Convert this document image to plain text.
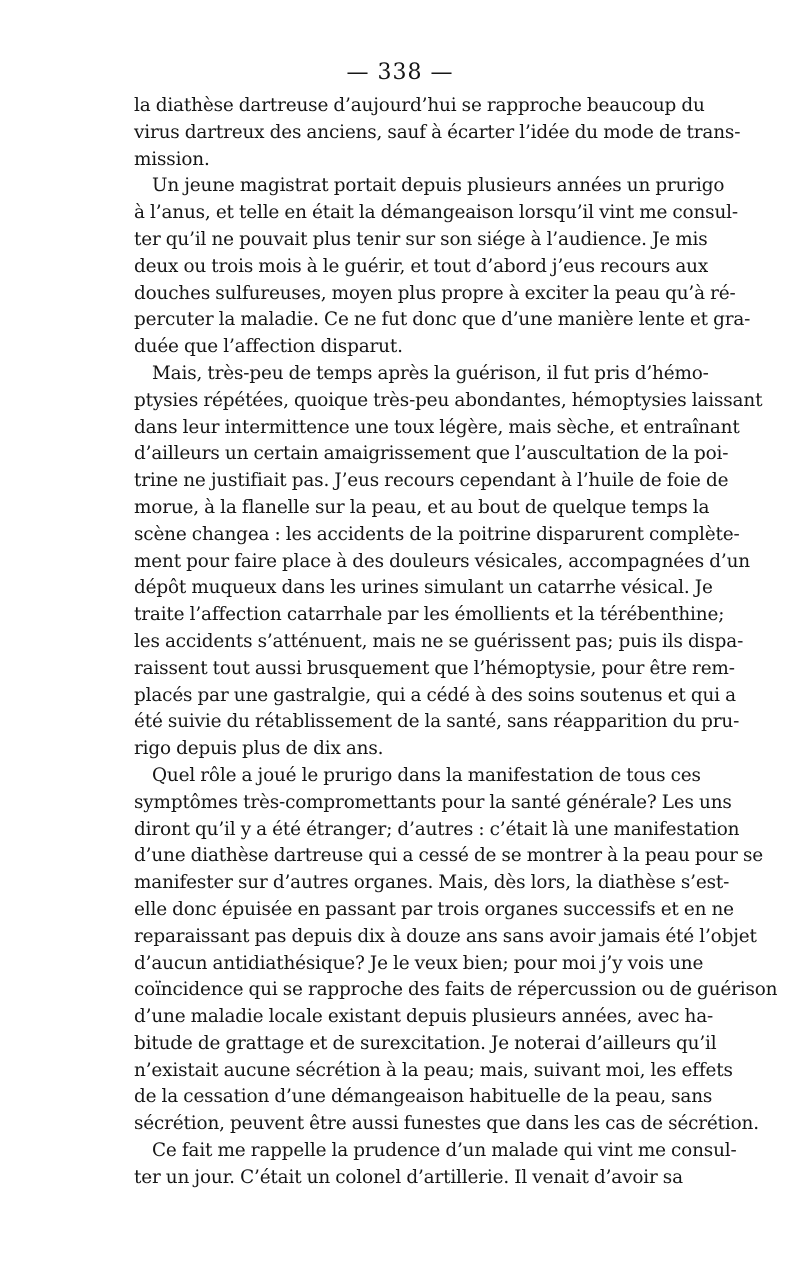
— 338 —
la diathèse dartreuse d’aujourd’hui se rapproche beaucoup du
virus dartreux des anciens, sauf à écarter l’idée du mode de trans-
mission.
Un jeune magistrat portait depuis plusieurs années un prurigo
à l’anus, et telle en était la démangeaison lorsqu’il vint me consul-
ter qu’il ne pouvait plus tenir sur son siége à l’audience. Je mis
deux ou trois mois à le guérir, et tout d’abord j’eus recours aux
douches sulfureuses, moyen plus propre à exciter la peau qu’à ré-
percuter la maladie. Ce ne fut donc que d’une manière lente et gra-
duée que l’affection disparut.
Mais, très-peu de temps après la guérison, il fut pris d’hémo-
ptysies répétées, quoique très-peu abondantes, hémoptysies laissant
dans leur intermittence une toux légère, mais sèche, et entraînant
d’ailleurs un certain amaigrissement que l’auscultation de la poi-
trine ne justifiait pas. J’eus recours cependant à l’huile de foie de
morue, à la flanelle sur la peau, et au bout de quelque temps la
scène changea : les accidents de la poitrine disparurent complète-
ment pour faire place à des douleurs vésicales, accompagnées d’un
dépôt muqueux dans les urines simulant un catarrhe vésical. Je
traite l’affection catarrhale par les émollients et la térébenthine;
les accidents s’atténuent, mais ne se guérissent pas; puis ils dispa-
raissent tout aussi brusquement que l’hémoptysie, pour être rem-
placés par une gastralgie, qui a cédé à des soins soutenus et qui a
été suivie du rétablissement de la santé, sans réapparition du pru-
rigo depuis plus de dix ans.
Quel rôle a joué le prurigo dans la manifestation de tous ces
symptômes très-compromettants pour la santé générale? Les uns
diront qu’il y a été étranger; d’autres : c’était là une manifestation
d’une diathèse dartreuse qui a cessé de se montrer à la peau pour se
manifester sur d’autres organes. Mais, dès lors, la diathèse s’est-
elle donc épuisée en passant par trois organes successifs et en ne
reparaissant pas depuis dix à douze ans sans avoir jamais été l’objet
d’aucun antidiathésique? Je le veux bien; pour moi j’y vois une
coïncidence qui se rapproche des faits de répercussion ou de guérison
d’une maladie locale existant depuis plusieurs années, avec ha-
bitude de grattage et de surexcitation. Je noterai d’ailleurs qu’il
n’existait aucune sécrétion à la peau; mais, suivant moi, les effets
de la cessation d’une démangeaison habituelle de la peau, sans
sécrétion, peuvent être aussi funestes que dans les cas de sécrétion.
Ce fait me rappelle la prudence d’un malade qui vint me consul-
ter un jour. C’était un colonel d’artillerie. Il venait d’avoir sa
